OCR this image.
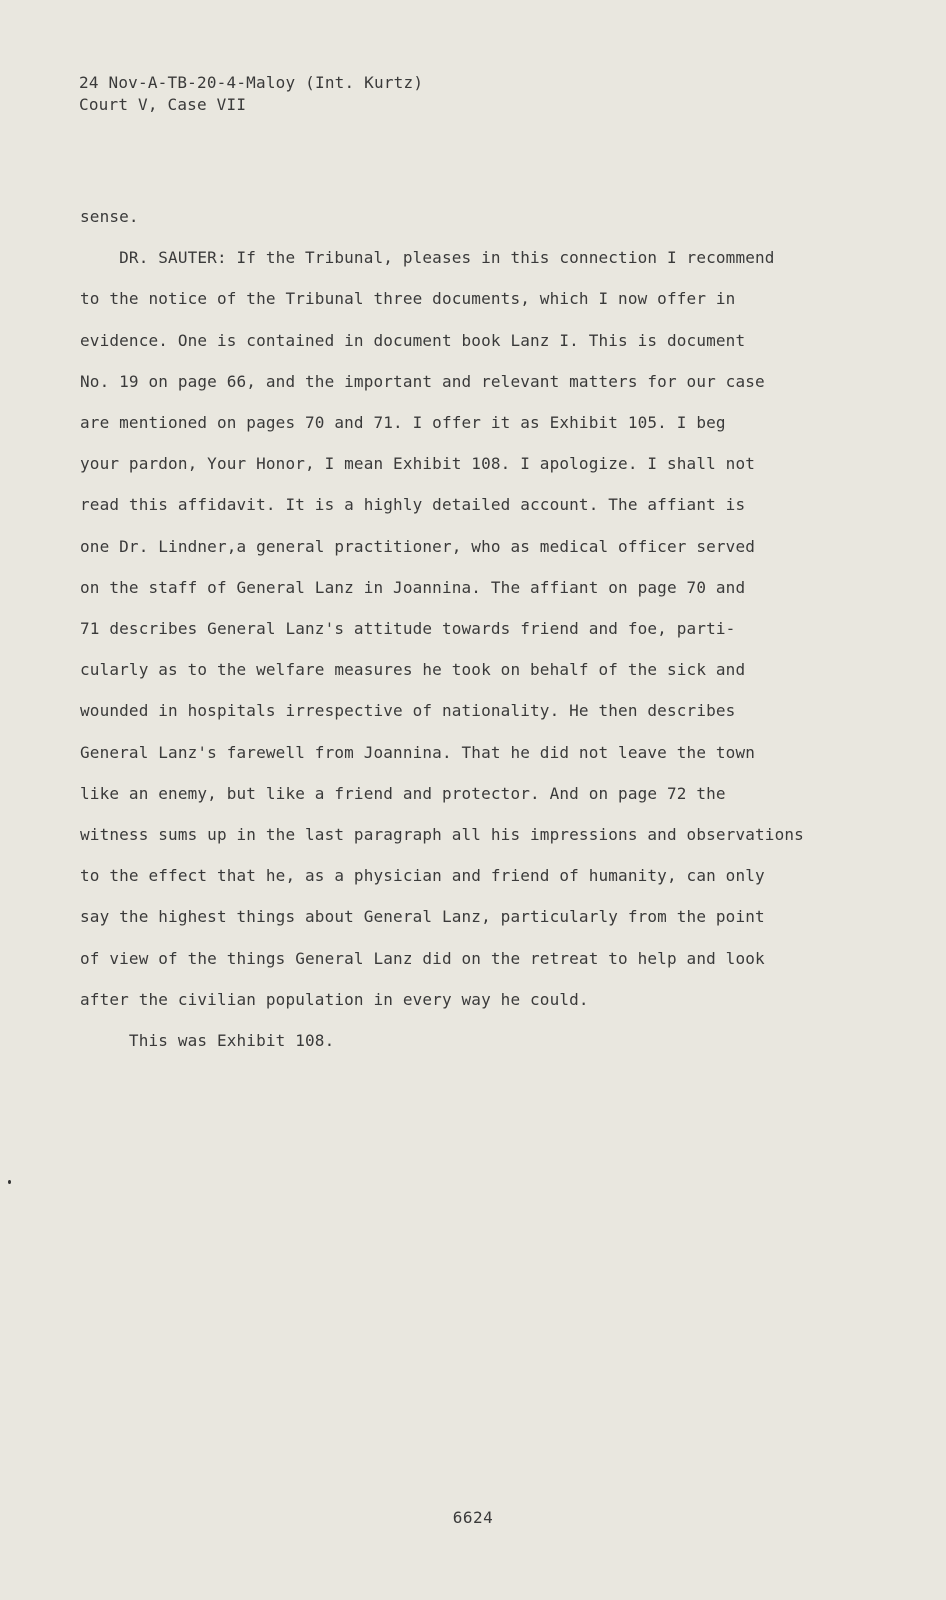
24 Nov-A-TB-20-4-Maloy (Int. Kurtz)
Court V, Case VII
sense.
DR. SAUTER: If the Tribunal, pleases in this connection I recommend
to the notice of the Tribunal three documents, which I now offer in
evidence. One is contained in document book Lanz I. This is document
No. 19 on page 66, and the important and relevant matters for our case
are mentioned on pages 70 and 71. I offer it as Exhibit 105. I beg
your pardon, Your Honor, I mean Exhibit 108. I apologize. I shall not
read this affidavit. It is a highly detailed account. The affiant is
one Dr. Lindner,a general practitioner, who as medical officer served
on the staff of General Lanz in Joannina. The affiant on page 70 and
71 describes General Lanz's attitude towards friend and foe, parti-
cularly as to the welfare measures he took on behalf of the sick and
wounded in hospitals irrespective of nationality. He then describes
General Lanz's farewell from Joannina. That he did not leave the town
like an enemy, but like a friend and protector. And on page 72 the
witness sums up in the last paragraph all his impressions and observations
to the effect that he, as a physician and friend of humanity, can only
say the highest things about General Lanz, particularly from the point
of view of the things General Lanz did on the retreat to help and look
after the civilian population in every way he could.
This was Exhibit 108.
6624
